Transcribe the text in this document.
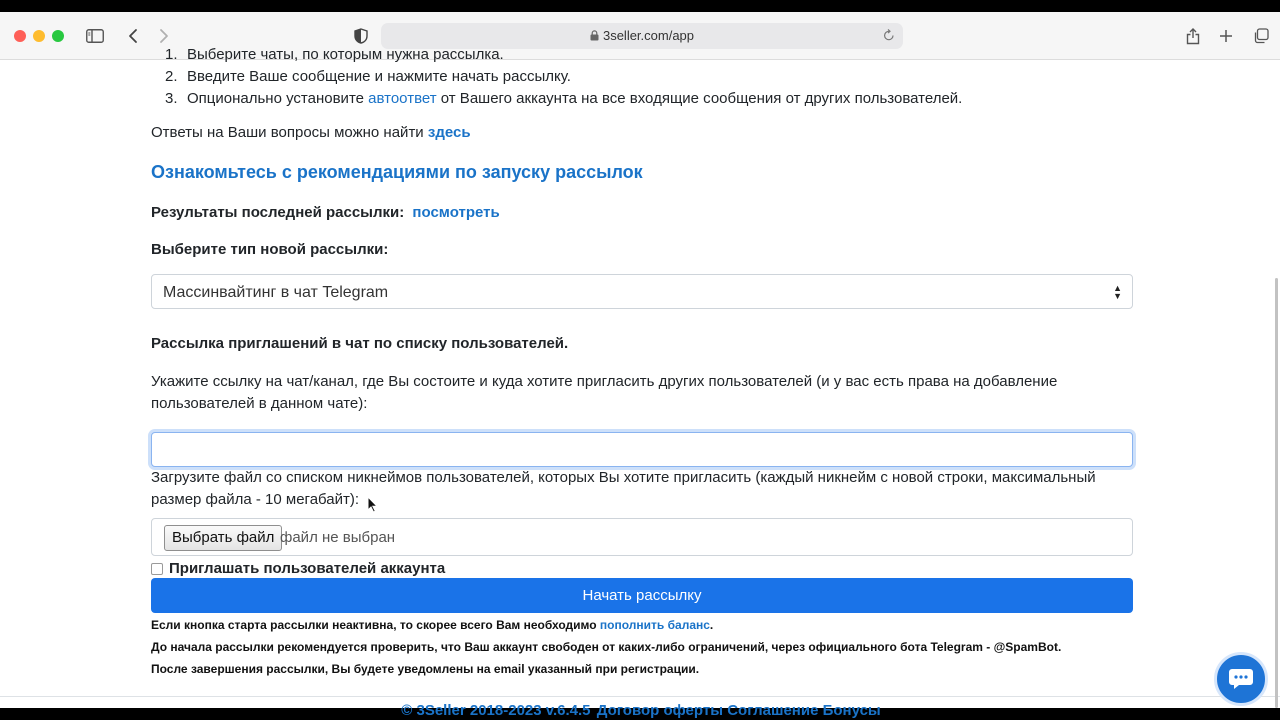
3seller.com/app
1. Выберите чаты, по которым нужна рассылка.
2. Введите Ваше сообщение и нажмите начать рассылку.
3. Опционально установите автоответ от Вашего аккаунта на все входящие сообщения от других пользователей.
Ответы на Ваши вопросы можно найти здесь
Ознакомьтесь с рекомендациями по запуску рассылок
Результаты последней рассылки: посмотреть
Выберите тип новой рассылки:
Массинвайтинг в чат Telegram	▲
▼
Рассылка приглашений в чат по списку пользователей.
Укажите ссылку на чат/канал, где Вы состоите и куда хотите пригласить других пользователей (и у вас есть права на добавление пользователей в данном чате):
Загрузите файл со списком никнеймов пользователей, которых Вы хотите пригласить (каждый никнейм с новой строки, максимальный размер файла - 10 мегабайт):
Выбрать файл файл не выбран
Приглашать пользователей аккаунта
Начать рассылку
Если кнопка старта рассылки неактивна, то скорее всего Вам необходимо пополнить баланс.
До начала рассылки рекомендуется проверить, что Ваш аккаунт свободен от каких-либо ограничений, через официального бота Telegram - @SpamBot.
После завершения рассылки, Вы будете уведомлены на email указанный при регистрации.
© 3Seller 2018-2023 v.6.4.5 Договор оферты Соглашение Бонусы
